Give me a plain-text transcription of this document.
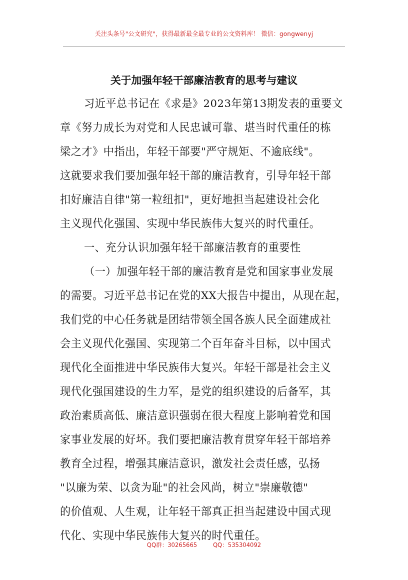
关注头条号"公文研究"，获得最新最全最专业的公文资料库！ 微信：gongwenyj
关于加强年轻干部廉洁教育的思考与建议
习近平总书记在《求是》2023年第13期发表的重要文
章《努力成长为对党和人民忠诚可靠、堪当时代重任的栋
梁之才》中指出，年轻干部要"严守规矩、不逾底线"。
这就要求我们要加强年轻干部的廉洁教育，引导年轻干部
扣好廉洁自律"第一粒纽扣"，更好地担当起建设社会化
主义现代化强国、实现中华民族伟大复兴的时代重任。
一、充分认识加强年轻干部廉洁教育的重要性
（一）加强年轻干部的廉洁教育是党和国家事业发展
的需要。习近平总书记在党的XX大报告中提出，从现在起，
我们党的中心任务就是团结带领全国各族人民全面建成社
会主义现代化强国、实现第二个百年奋斗目标，以中国式
现代化全面推进中华民族伟大复兴。年轻干部是社会主义
现代化强国建设的生力军，是党的组织建设的后备军，其
政治素质高低、廉洁意识强弱在很大程度上影响着党和国
家事业发展的好坏。我们要把廉洁教育贯穿年轻干部培养
教育全过程，增强其廉洁意识，激发社会责任感，弘扬
"以廉为荣、以贪为耻"的社会风尚，树立"崇廉敬德"
的价值观、人生观，让年轻干部真正担当起建设中国式现
代化、实现中华民族伟大复兴的时代重任。
QQ群：30265665	QQ：535304092
